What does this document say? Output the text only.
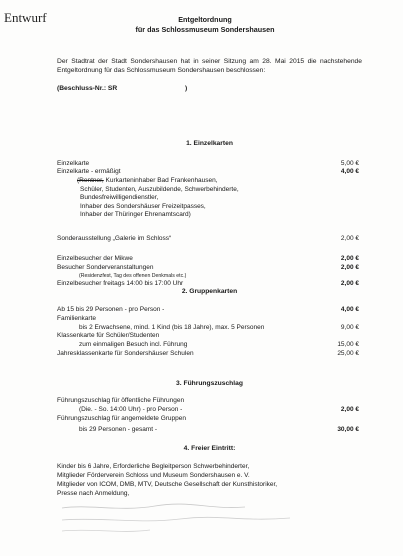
Entwurf	Entgeltordnung
für das Schlossmuseum Sondershausen
Der Stadtrat der Stadt Sondershausen hat in seiner Sitzung am 28. Mai 2015 die nachstehende Entgeltordnung für das Schlossmuseum Sondershausen beschlossen:
(Beschluss-Nr.: SR	)
1. Einzelkarten
Einzelkarte	5,00 €
Einzelkarte - ermäßigt	4,00 €
(Rentner, Kurkarteninhaber Bad Frankenhausen,
Schüler, Studenten, Auszubildende, Schwerbehinderte,
Bundesfreiwilligendienstler,
Inhaber des Sondershäuser Freizeitpasses,
Inhaber der Thüringer Ehrenamtscard)
Sonderausstellung „Galerie im Schloss“	2,00 €
Einzelbesucher der Mikwe	2,00 €
Besucher Sonderveranstaltungen	2,00 €
(Residenzfest, Tag des offenen Denkmals etc.)
Einzelbesucher freitags 14:00 bis 17:00 Uhr	2,00 €
2. Gruppenkarten
Ab 15 bis 29 Personen - pro Person -	4,00 €
Familienkarte
bis 2 Erwachsene, mind. 1 Kind (bis 18 Jahre), max. 5 Personen	9,00 €
Klassenkarte für Schüler/Studenten
zum einmaligen Besuch incl. Führung	15,00 €
Jahresklassenkarte für Sondershäuser Schulen	25,00 €
3. Führungszuschlag
Führungszuschlag für öffentliche Führungen
(Die. - So. 14:00 Uhr) - pro Person -	2,00 €
Führungszuschlag für angemeldete Gruppen
bis 29 Personen - gesamt -	30,00 €
4. Freier Eintritt:
Kinder bis 6 Jahre, Erforderliche Begleitperson Schwerbehinderter,
Mitglieder Förderverein Schloss und Museum Sondershausen e. V.
Mitglieder von ICOM, DMB, MTV, Deutsche Gesellschaft der Kunsthistoriker,
Presse nach Anmeldung,
